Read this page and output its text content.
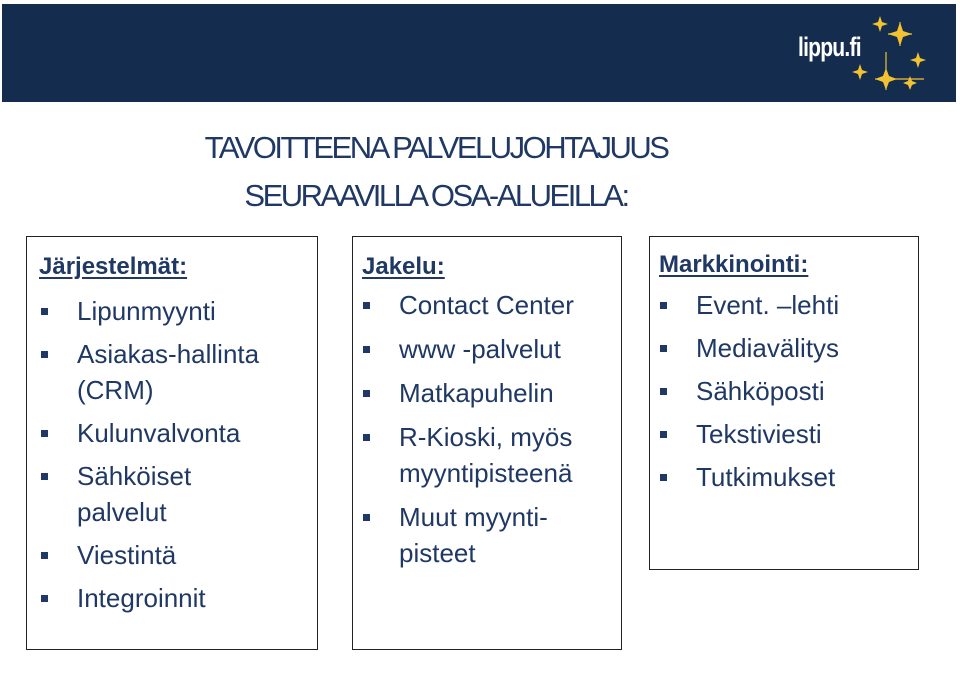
lippu.fi
TAVOITTEENA PALVELUJOHTAJUUS
SEURAAVILLA OSA-ALUEILLA:
Järjestelmät:
Lipunmyynti
Asiakas-hallinta
(CRM)
Kulunvalvonta
Sähköiset
palvelut
Viestintä
Integroinnit
Jakelu:
Contact Center
www -palvelut
Matkapuhelin
R-Kioski, myös
myyntipisteenä
Muut myynti-
pisteet
Markkinointi:
Event. –lehti
Mediavälitys
Sähköposti
Tekstiviesti
Tutkimukset
